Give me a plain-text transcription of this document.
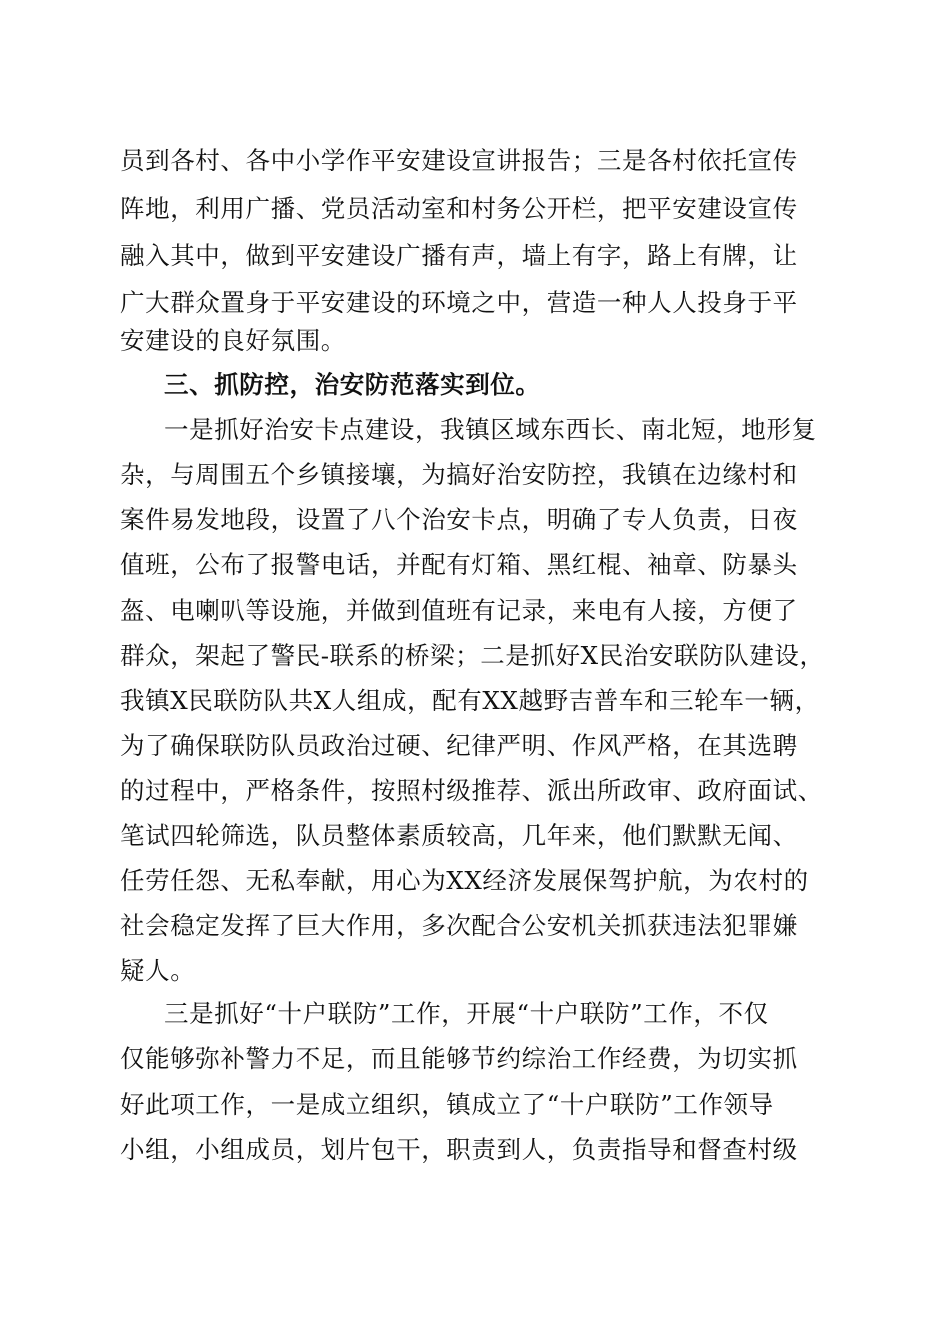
员到各村、各中小学作平安建设宣讲报告；三是各村依托宣传

阵地，利用广播、党员活动室和村务公开栏，把平安建设宣传

融入其中，做到平安建设广播有声，墙上有字，路上有牌，让

广大群众置身于平安建设的环境之中，营造一种人人投身于平

安建设的良好氛围。

三、抓防控，治安防范落实到位。

一是抓好治安卡点建设，我镇区域东西长、南北短，地形复

杂，与周围五个乡镇接壤，为搞好治安防控，我镇在边缘村和

案件易发地段，设置了八个治安卡点，明确了专人负责，日夜

值班，公布了报警电话，并配有灯箱、黑红棍、袖章、防暴头

盔、电喇叭等设施，并做到值班有记录，来电有人接，方便了

群众，架起了警民-联系的桥梁；二是抓好X民治安联防队建设，

我镇X民联防队共X人组成，配有XX越野吉普车和三轮车一辆，

为了确保联防队员政治过硬、纪律严明、作风严格，在其选聘

的过程中，严格条件，按照村级推荐、派出所政审、政府面试、

笔试四轮筛选，队员整体素质较高，几年来，他们默默无闻、

任劳任怨、无私奉献，用心为XX经济发展保驾护航，为农村的

社会稳定发挥了巨大作用，多次配合公安机关抓获违法犯罪嫌

疑人。

三是抓好“十户联防”工作，开展“十户联防”工作，不仅

仅能够弥补警力不足，而且能够节约综治工作经费，为切实抓

好此项工作，一是成立组织，镇成立了“十户联防”工作领导

小组，小组成员，划片包干，职责到人，负责指导和督查村级
